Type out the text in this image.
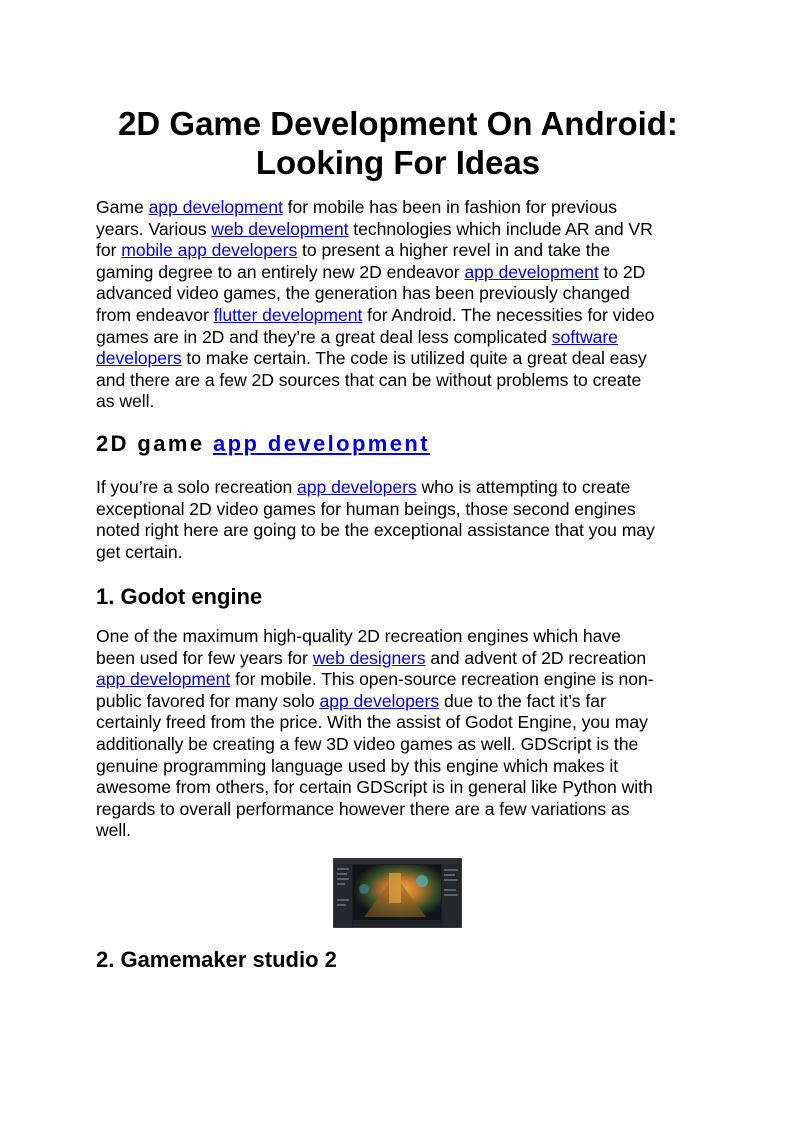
2D Game Development On Android:
Looking For Ideas
Game app development for mobile has been in fashion for previous
years. Various web development technologies which include AR and VR
for mobile app developers to present a higher revel in and take the
gaming degree to an entirely new 2D endeavor app development to 2D
advanced video games, the generation has been previously changed
from endeavor flutter development for Android. The necessities for video
games are in 2D and they’re a great deal less complicated software
developers to make certain. The code is utilized quite a great deal easy
and there are a few 2D sources that can be without problems to create
as well.
2D game app development
If you’re a solo recreation app developers who is attempting to create
exceptional 2D video games for human beings, those second engines
noted right here are going to be the exceptional assistance that you may
get certain.
1. Godot engine
One of the maximum high-quality 2D recreation engines which have
been used for few years for web designers and advent of 2D recreation
app development for mobile. This open-source recreation engine is non-
public favored for many solo app developers due to the fact it’s far
certainly freed from the price. With the assist of Godot Engine, you may
additionally be creating a few 3D video games as well. GDScript is the
genuine programming language used by this engine which makes it
awesome from others, for certain GDScript is in general like Python with
regards to overall performance however there are a few variations as
well.
2. Gamemaker studio 2
